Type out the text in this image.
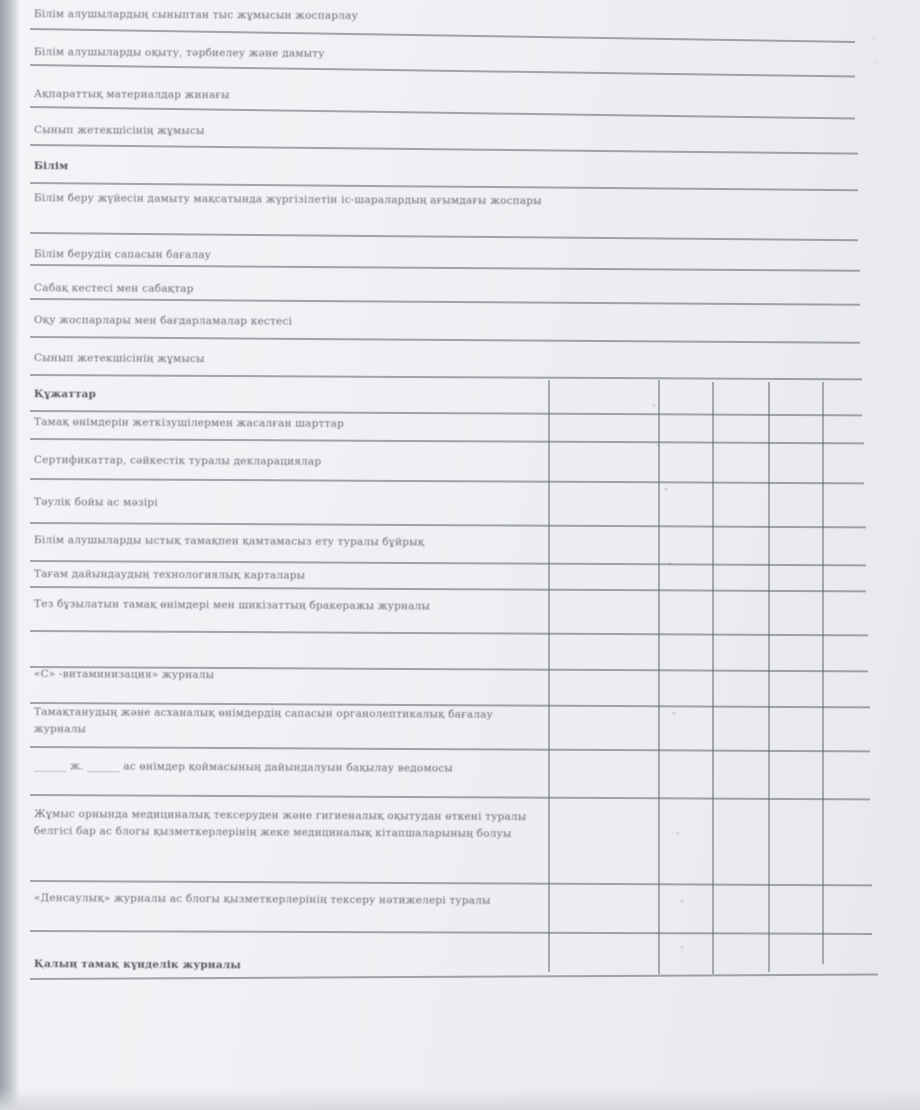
Білім алушылардың сыныптан тыс жұмысын жоспарлау
Білім алушыларды оқыту, тәрбиелеу және дамыту
Ақпараттық материалдар жинағы
Сынып жетекшісінің жұмысы
Білім
Білім беру жүйесін дамыту мақсатында жүргізілетін іс-шаралардың ағымдағы жоспары
Білім берудің сапасын бағалау
Сабақ кестесі мен сабақтар
Оқу жоспарлары мен бағдарламалар кестесі
Сынып жетекшісінің жұмысы
Құжаттар
Тамақ өнімдерін жеткізушілермен жасалған шарттар
Сертификаттар, сәйкестік туралы декларациялар
Тәулік бойы ас мәзірі
Білім алушыларды ыстық тамақпен қамтамасыз ету туралы бұйрық
Тағам дайындаудың технологиялық карталары
Тез бұзылатын тамақ өнімдері мен шикізаттың бракеражы журналы
«С» -витаминизация» журналы
Тамақтанудың және асханалық өнімдердің сапасын органолептикалық бағалау журналы
______ ж. ______ ас өнімдер қоймасының дайындалуын бақылау ведомосы
Жұмыс орнында медициналық тексеруден және гигиеналық оқытудан өткені туралы белгісі бар ас блогы қызметкерлерінің жеке медициналық кітапшаларының болуы
«Денсаулық» журналы ас блогы қызметкерлерінің тексеру нәтижелері туралы
Қалың тамақ күнделік журналы
˴
˴
˴
˴
˴
˴
˴
˴
⁘
⁖
